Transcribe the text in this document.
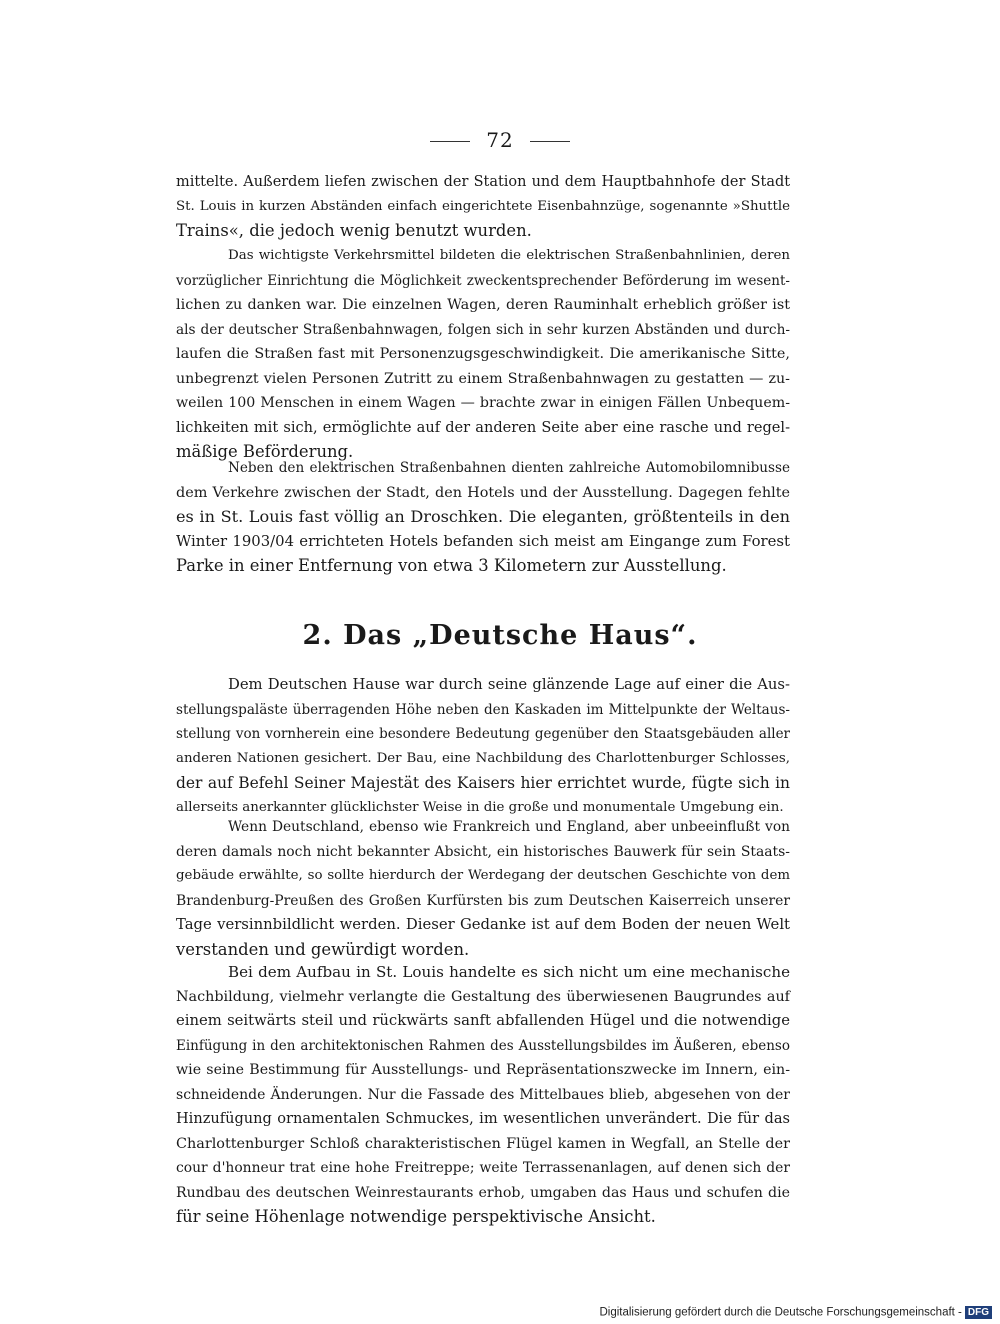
72
mittelte. Außerdem liefen zwischen der Station und dem Hauptbahnhofe der Stadt
St. Louis in kurzen Abständen einfach eingerichtete Eisenbahnzüge, sogenannte »Shuttle
Trains«, die jedoch wenig benutzt wurden.
Das wichtigste Verkehrsmittel bildeten die elektrischen Straßenbahnlinien, deren
vorzüglicher Einrichtung die Möglichkeit zweckentsprechender Beförderung im wesent-
lichen zu danken war. Die einzelnen Wagen, deren Rauminhalt erheblich größer ist
als der deutscher Straßenbahnwagen, folgen sich in sehr kurzen Abständen und durch-
laufen die Straßen fast mit Personenzugsgeschwindigkeit. Die amerikanische Sitte,
unbegrenzt vielen Personen Zutritt zu einem Straßenbahnwagen zu gestatten — zu-
weilen 100 Menschen in einem Wagen — brachte zwar in einigen Fällen Unbequem-
lichkeiten mit sich, ermöglichte auf der anderen Seite aber eine rasche und regel-
mäßige Beförderung.
Neben den elektrischen Straßenbahnen dienten zahlreiche Automobilomnibusse
dem Verkehre zwischen der Stadt, den Hotels und der Ausstellung. Dagegen fehlte
es in St. Louis fast völlig an Droschken. Die eleganten, größtenteils in den
Winter 1903/04 errichteten Hotels befanden sich meist am Eingange zum Forest
Parke in einer Entfernung von etwa 3 Kilometern zur Ausstellung.
2. Das „Deutsche Haus“.
Dem Deutschen Hause war durch seine glänzende Lage auf einer die Aus-
stellungspaläste überragenden Höhe neben den Kaskaden im Mittelpunkte der Weltaus-
stellung von vornherein eine besondere Bedeutung gegenüber den Staatsgebäuden aller
anderen Nationen gesichert. Der Bau, eine Nachbildung des Charlottenburger Schlosses,
der auf Befehl Seiner Majestät des Kaisers hier errichtet wurde, fügte sich in
allerseits anerkannter glücklichster Weise in die große und monumentale Umgebung ein.
Wenn Deutschland, ebenso wie Frankreich und England, aber unbeeinflußt von
deren damals noch nicht bekannter Absicht, ein historisches Bauwerk für sein Staats-
gebäude erwählte, so sollte hierdurch der Werdegang der deutschen Geschichte von dem
Brandenburg-Preußen des Großen Kurfürsten bis zum Deutschen Kaiserreich unserer
Tage versinnbildlicht werden. Dieser Gedanke ist auf dem Boden der neuen Welt
verstanden und gewürdigt worden.
Bei dem Aufbau in St. Louis handelte es sich nicht um eine mechanische
Nachbildung, vielmehr verlangte die Gestaltung des überwiesenen Baugrundes auf
einem seitwärts steil und rückwärts sanft abfallenden Hügel und die notwendige
Einfügung in den architektonischen Rahmen des Ausstellungsbildes im Äußeren, ebenso
wie seine Bestimmung für Ausstellungs- und Repräsentationszwecke im Innern, ein-
schneidende Änderungen. Nur die Fassade des Mittelbaues blieb, abgesehen von der
Hinzufügung ornamentalen Schmuckes, im wesentlichen unverändert. Die für das
Charlottenburger Schloß charakteristischen Flügel kamen in Wegfall, an Stelle der
cour d'honneur trat eine hohe Freitreppe; weite Terrassenanlagen, auf denen sich der
Rundbau des deutschen Weinrestaurants erhob, umgaben das Haus und schufen die
für seine Höhenlage notwendige perspektivische Ansicht.
Digitalisierung gefördert durch die Deutsche Forschungsgemeinschaft - DFG
